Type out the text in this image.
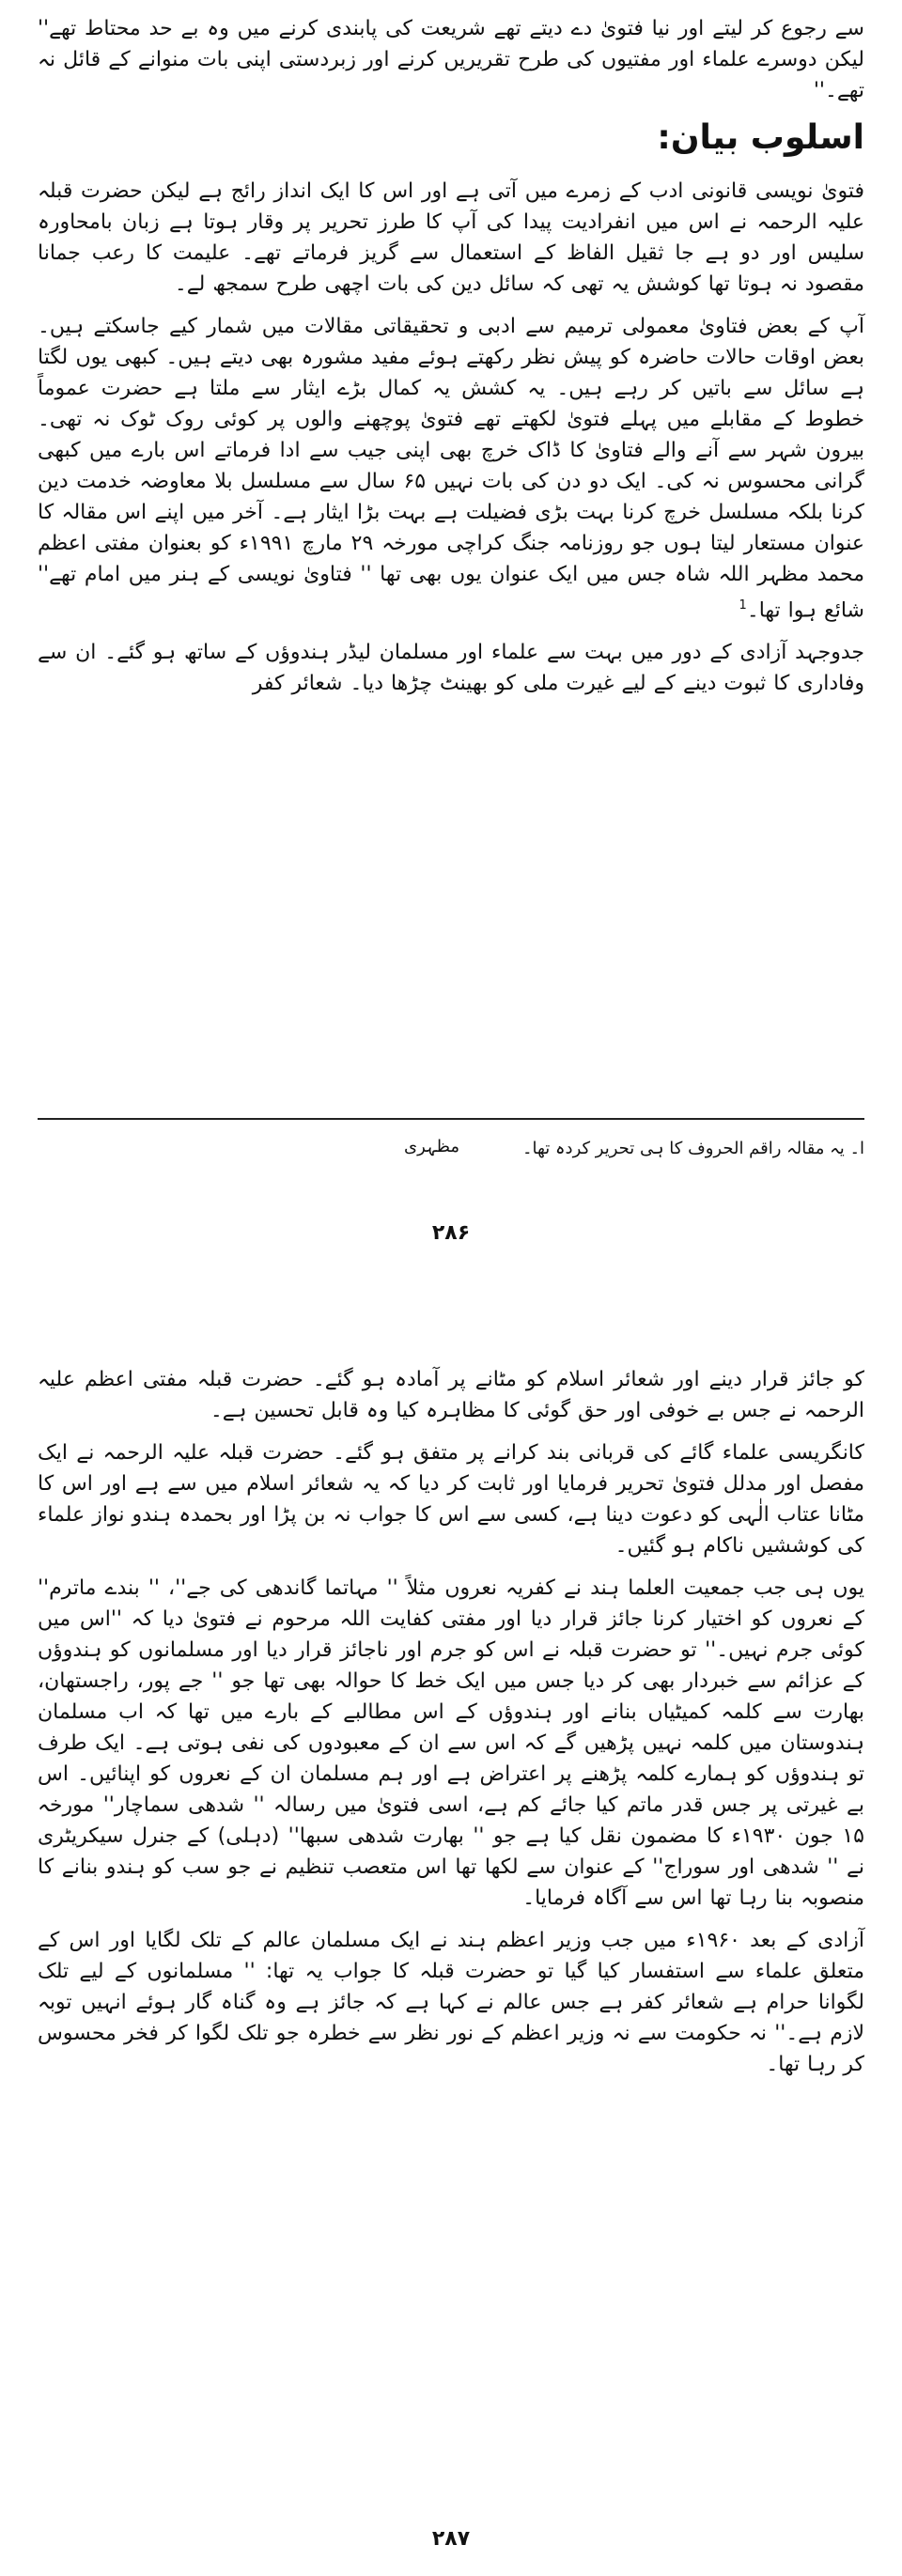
سے رجوع کر لیتے اور نیا فتویٰ دے دیتے تھے شریعت کی پابندی کرنے میں وہ بے حد محتاط تھے'' لیکن دوسرے علماء اور مفتیوں کی طرح تقریریں کرنے اور زبردستی اپنی بات منوانے کے قائل نہ تھے۔''

اسلوب بیان:

فتویٰ نویسی قانونی ادب کے زمرے میں آتی ہے اور اس کا ایک انداز رائج ہے لیکن حضرت قبلہ علیہ الرحمہ نے اس میں انفرادیت پیدا کی آپ کا طرز تحریر پر وقار ہوتا ہے زبان بامحاورہ سلیس اور دو ہے جا ثقیل الفاظ کے استعمال سے گریز فرماتے تھے۔ علیمت کا رعب جمانا مقصود نہ ہوتا تھا کوشش یہ تھی کہ سائل دین کی بات اچھی طرح سمجھ لے۔

آپ کے بعض فتاویٰ معمولی ترمیم سے ادبی و تحقیقاتی مقالات میں شمار کیے جاسکتے ہیں۔ بعض اوقات حالات حاضرہ کو پیش نظر رکھتے ہوئے مفید مشورہ بھی دیتے ہیں۔ کبھی یوں لگتا ہے سائل سے باتیں کر رہے ہیں۔ یہ کشش یہ کمال بڑے ایثار سے ملتا ہے حضرت عموماً خطوط کے مقابلے میں پہلے فتویٰ لکھتے تھے فتویٰ پوچھنے والوں پر کوئی روک ٹوک نہ تھی۔ بیرون شہر سے آنے والے فتاویٰ کا ڈاک خرچ بھی اپنی جیب سے ادا فرماتے اس بارے میں کبھی گرانی محسوس نہ کی۔ ایک دو دن کی بات نہیں ۶۵ سال سے مسلسل بلا معاوضہ خدمت دین کرنا بلکہ مسلسل خرچ کرنا بہت بڑی فضیلت ہے بہت بڑا ایثار ہے۔ آخر میں اپنے اس مقالہ کا عنوان مستعار لیتا ہوں جو روزنامہ جنگ کراچی مورخہ ۲۹ مارچ ۱۹۹۱ء کو بعنوان مفتی اعظم محمد مظہر اللہ شاہ جس میں ایک عنوان یوں بھی تھا '' فتاویٰ نویسی کے ہنر میں امام تھے'' شائع ہوا تھا۔$^1$

جدوجہد آزادی کے دور میں بہت سے علماء اور مسلمان لیڈر ہندوؤں کے ساتھ ہو گئے۔ ان سے وفاداری کا ثبوت دینے کے لیے غیرت ملی کو بھینٹ چڑھا دیا۔ شعائر کفر

ا۔ یہ مقالہ راقم الحروف کا ہی تحریر کردہ تھا۔
مظہری
۲۸۶

کو جائز قرار دینے اور شعائر اسلام کو مٹانے پر آمادہ ہو گئے۔ حضرت قبلہ مفتی اعظم علیہ الرحمہ نے جس بے خوفی اور حق گوئی کا مظاہرہ کیا وہ قابل تحسین ہے۔

کانگریسی علماء گائے کی قربانی بند کرانے پر متفق ہو گئے۔ حضرت قبلہ علیہ الرحمہ نے ایک مفصل اور مدلل فتویٰ تحریر فرمایا اور ثابت کر دیا کہ یہ شعائر اسلام میں سے ہے اور اس کا مٹانا عتاب الٰہی کو دعوت دینا ہے، کسی سے اس کا جواب نہ بن پڑا اور بحمدہ ہندو نواز علماء کی کوششیں ناکام ہو گئیں۔

یوں ہی جب جمعیت العلما ہند نے کفریہ نعروں مثلاً '' مہاتما گاندھی کی جے''، '' بندے ماترم'' کے نعروں کو اختیار کرنا جائز قرار دیا اور مفتی کفایت اللہ مرحوم نے فتویٰ دیا کہ ''اس میں کوئی جرم نہیں۔'' تو حضرت قبلہ نے اس کو جرم اور ناجائز قرار دیا اور مسلمانوں کو ہندوؤں کے عزائم سے خبردار بھی کر دیا جس میں ایک خط کا حوالہ بھی تھا جو '' جے پور، راجستھان، بھارت سے کلمہ کمیٹیاں بنانے اور ہندوؤں کے اس مطالبے کے بارے میں تھا کہ اب مسلمان ہندوستان میں کلمہ نہیں پڑھیں گے کہ اس سے ان کے معبودوں کی نفی ہوتی ہے۔ ایک طرف تو ہندوؤں کو ہمارے کلمہ پڑھنے پر اعتراض ہے اور ہم مسلمان ان کے نعروں کو اپنائیں۔ اس بے غیرتی پر جس قدر ماتم کیا جائے کم ہے، اسی فتویٰ میں رسالہ '' شدھی سماچار'' مورخہ ۱۵ جون ۱۹۳۰ء کا مضمون نقل کیا ہے جو '' بھارت شدھی سبھا'' (دہلی) کے جنرل سیکریٹری نے '' شدھی اور سوراج'' کے عنوان سے لکھا تھا اس متعصب تنظیم نے جو سب کو ہندو بنانے کا منصوبہ بنا رہا تھا اس سے آگاہ فرمایا۔

آزادی کے بعد ۱۹۶۰ء میں جب وزیر اعظم ہند نے ایک مسلمان عالم کے تلک لگایا اور اس کے متعلق علماء سے استفسار کیا گیا تو حضرت قبلہ کا جواب یہ تھا: '' مسلمانوں کے لیے تلک لگوانا حرام ہے شعائر کفر ہے جس عالم نے کہا ہے کہ جائز ہے وہ گناہ گار ہوئے انہیں توبہ لازم ہے۔'' نہ حکومت سے نہ وزیر اعظم کے نور نظر سے خطرہ جو تلک لگوا کر فخر محسوس کر رہا تھا۔

۲۸۷
